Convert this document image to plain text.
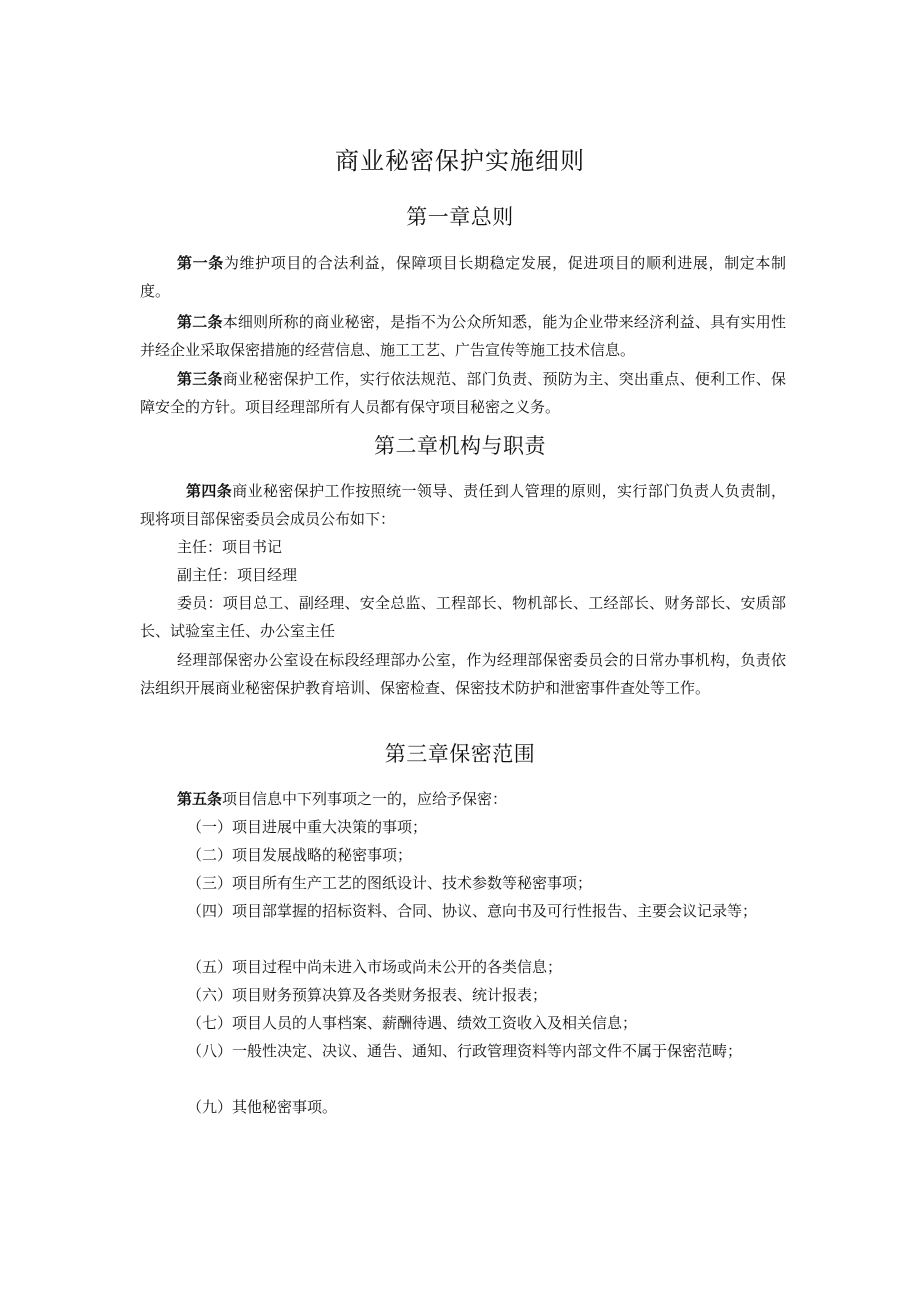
商业秘密保护实施细则
第一章总则
第一条为维护项目的合法利益，保障项目长期稳定发展，促进项目的顺利进展，制定本制度。
第二条本细则所称的商业秘密，是指不为公众所知悉，能为企业带来经济利益、具有实用性并经企业采取保密措施的经营信息、施工工艺、广告宣传等施工技术信息。
第三条商业秘密保护工作，实行依法规范、部门负责、预防为主、突出重点、便利工作、保障安全的方针。项目经理部所有人员都有保守项目秘密之义务。
第二章机构与职责
第四条商业秘密保护工作按照统一领导、责任到人管理的原则，实行部门负责人负责制，现将项目部保密委员会成员公布如下：
主任：项目书记
副主任：项目经理
委员：项目总工、副经理、安全总监、工程部长、物机部长、工经部长、财务部长、安质部长、试验室主任、办公室主任
经理部保密办公室设在标段经理部办公室，作为经理部保密委员会的日常办事机构，负责依法组织开展商业秘密保护教育培训、保密检查、保密技术防护和泄密事件查处等工作。
第三章保密范围
第五条项目信息中下列事项之一的，应给予保密：
（一）项目进展中重大决策的事项；
（二）项目发展战略的秘密事项；
（三）项目所有生产工艺的图纸设计、技术参数等秘密事项；
（四）项目部掌握的招标资料、合同、协议、意向书及可行性报告、主要会议记录等；
（五）项目过程中尚未进入市场或尚未公开的各类信息；
（六）项目财务预算决算及各类财务报表、统计报表；
（七）项目人员的人事档案、薪酬待遇、绩效工资收入及相关信息；
（八）一般性决定、决议、通告、通知、行政管理资料等内部文件不属于保密范畴；
（九）其他秘密事项。
